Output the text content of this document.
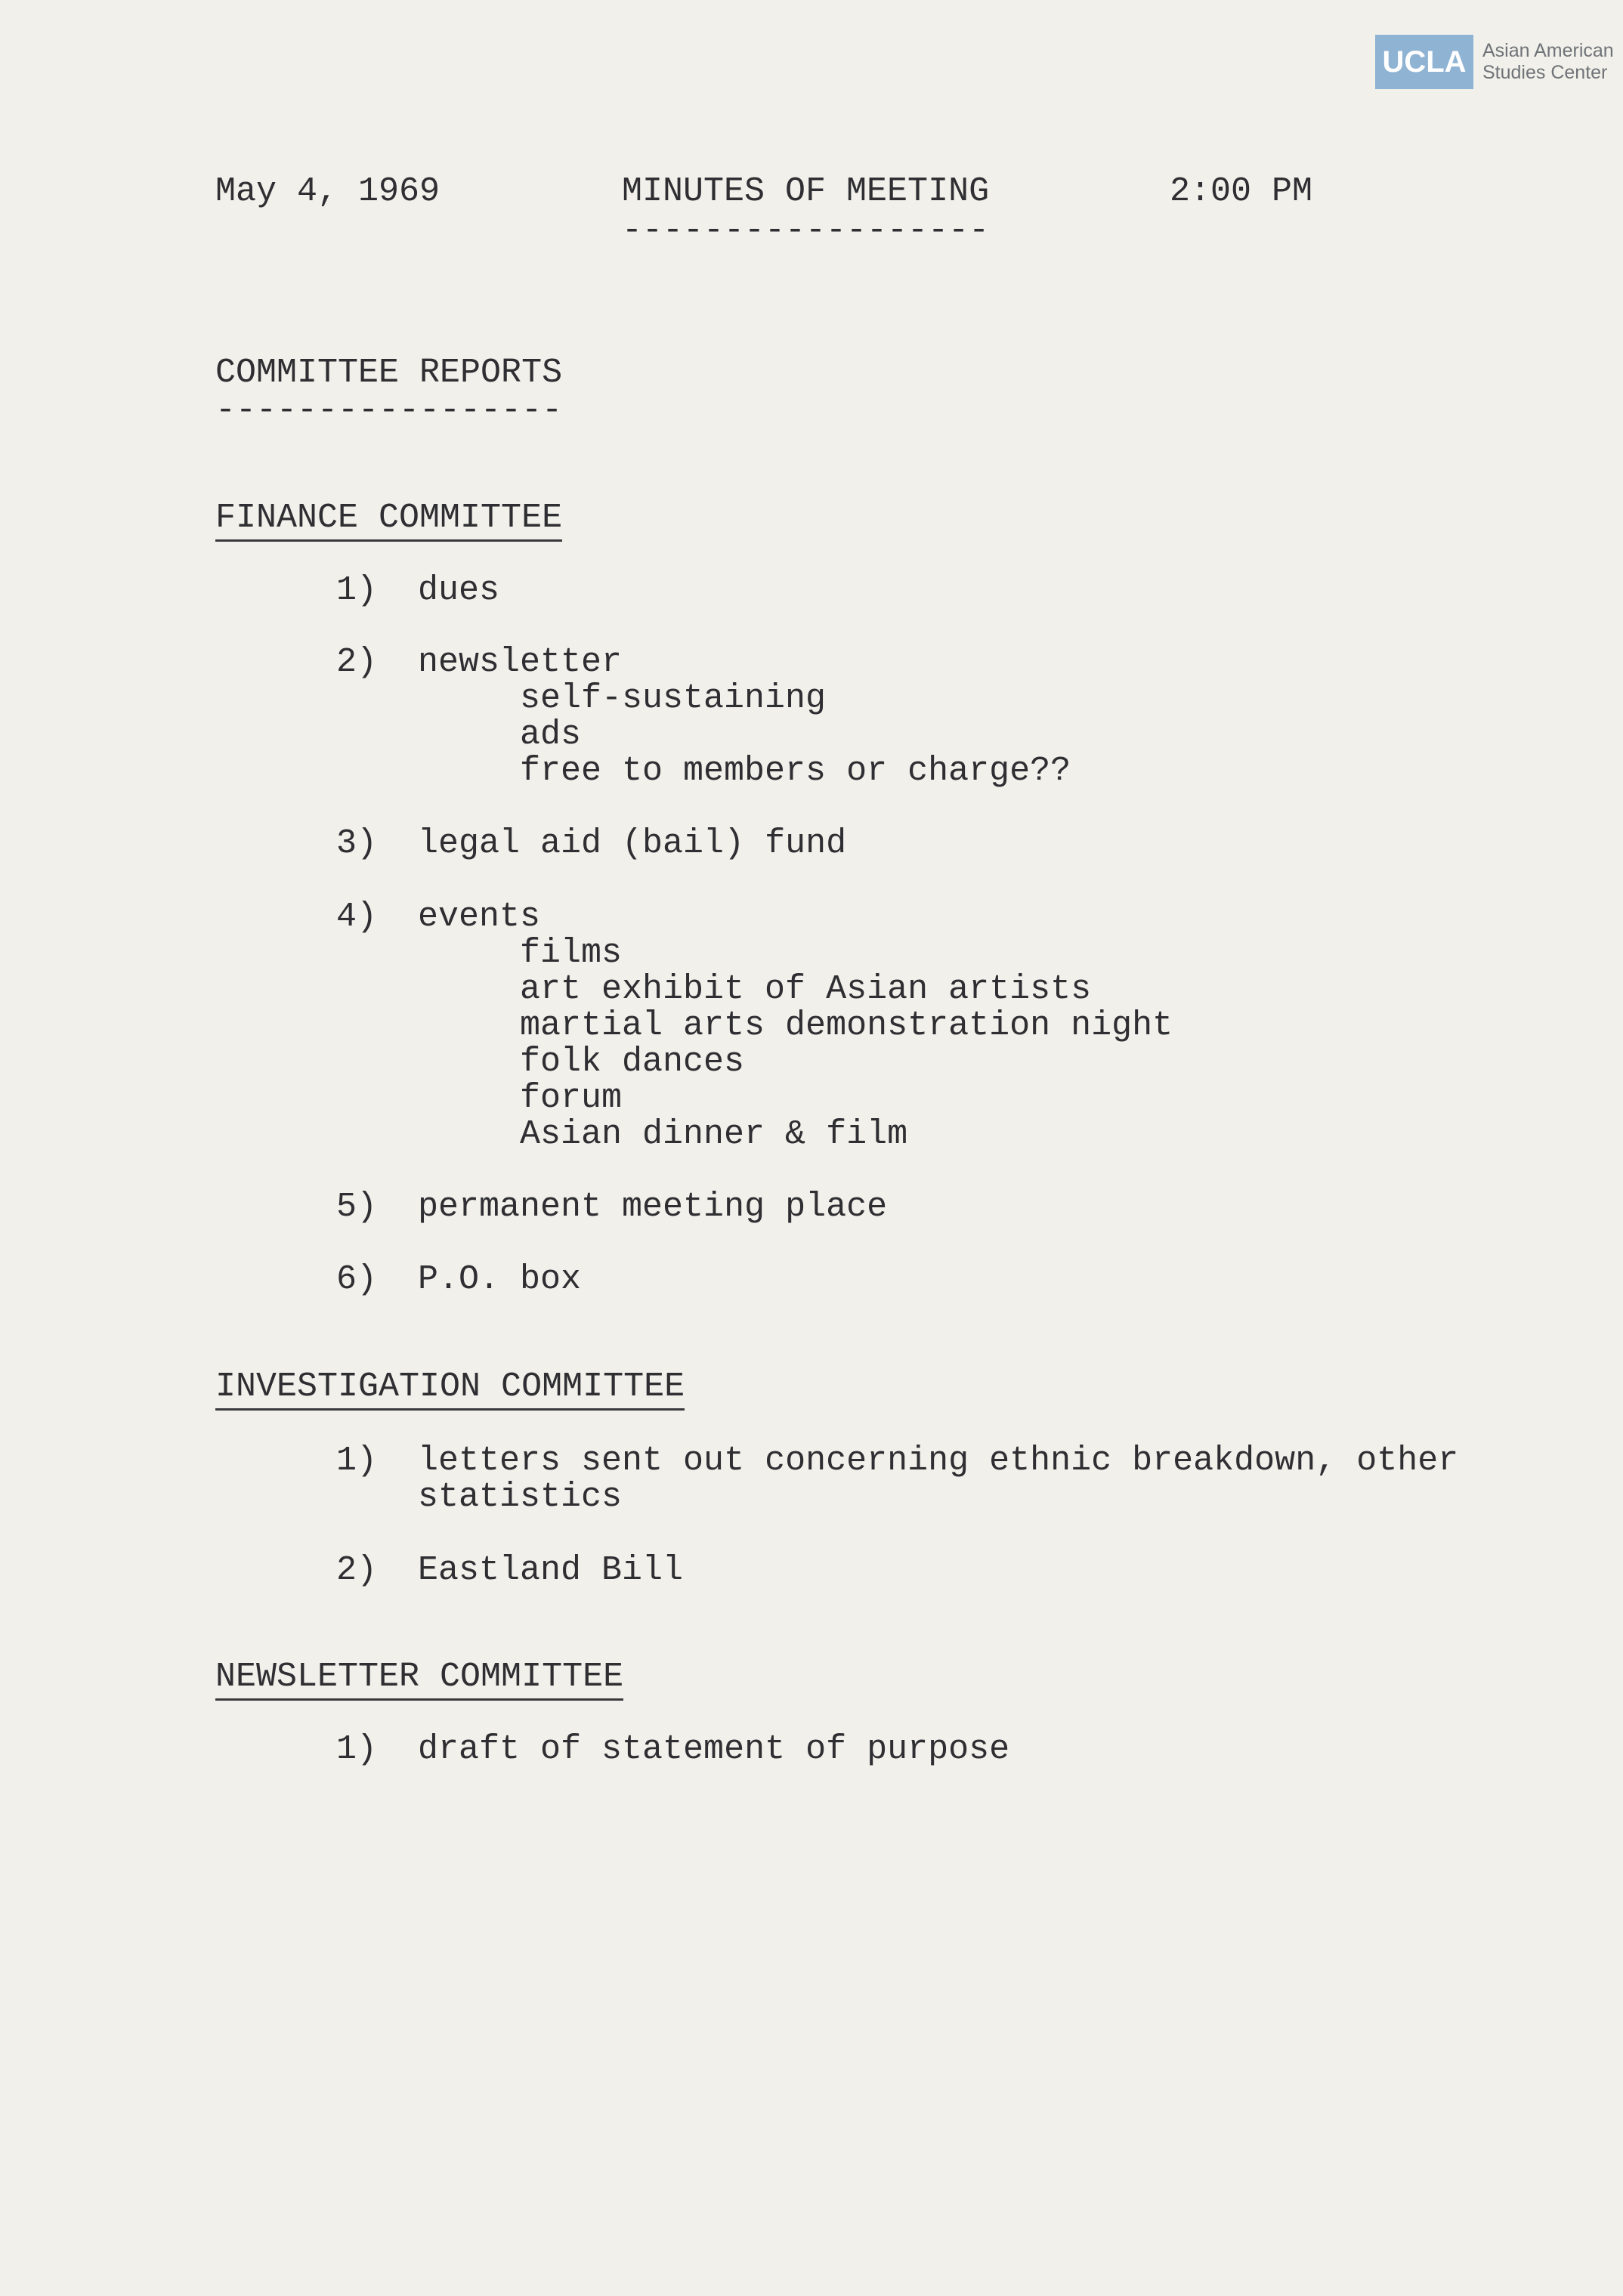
UCLA Asian American
Studies Center
May 4, 1969	MINUTES OF MEETING
------------------
2:00 PM
COMMITTEE REPORTS
-----------------
FINANCE COMMITTEE
1) dues
2) newsletter
self-sustaining
ads
free to members or charge??
3) legal aid (bail) fund
4) events
films
art exhibit of Asian artists
martial arts demonstration night
folk dances
forum
Asian dinner & film
5) permanent meeting place
6) P.O. box
INVESTIGATION COMMITTEE
1) letters sent out concerning ethnic breakdown, other
statistics
2) Eastland Bill
NEWSLETTER COMMITTEE
1) draft of statement of purpose
